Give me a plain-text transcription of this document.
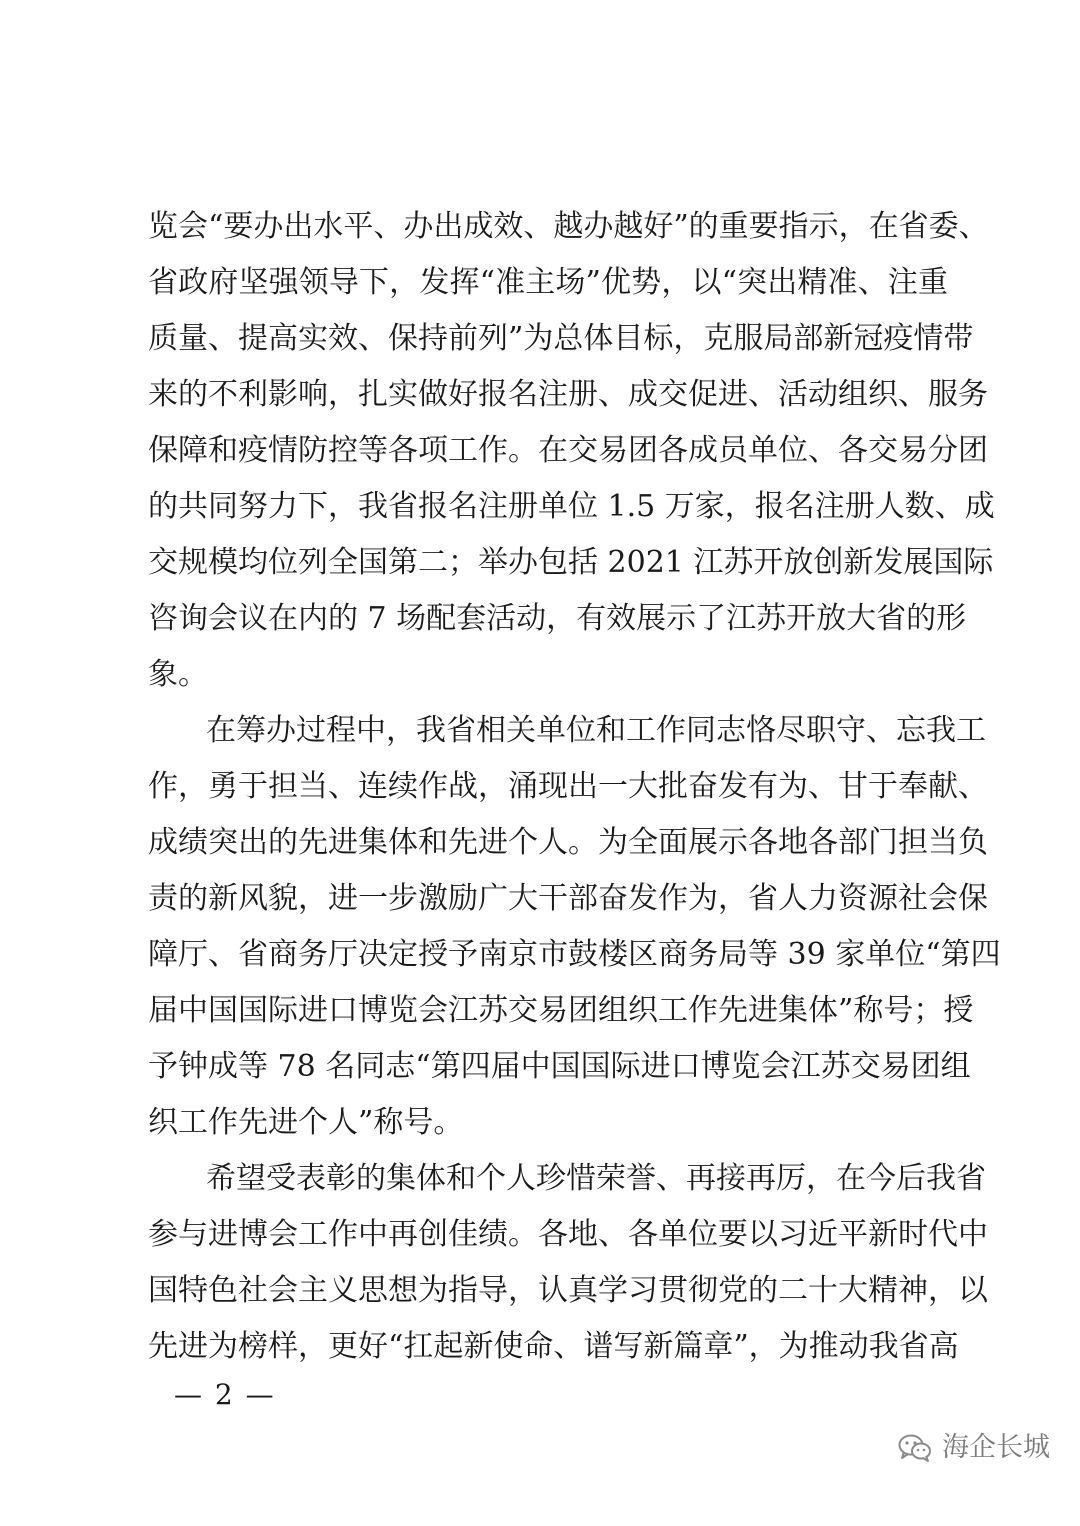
览会“要办出水平、办出成效、越办越好”的重要指示，在省委、
省政府坚强领导下，发挥“准主场”优势，以“突出精准、注重
质量、提高实效、保持前列”为总体目标，克服局部新冠疫情带
来的不利影响，扎实做好报名注册、成交促进、活动组织、服务
保障和疫情防控等各项工作。在交易团各成员单位、各交易分团
的共同努力下，我省报名注册单位 1.5 万家，报名注册人数、成
交规模均位列全国第二；举办包括 2021 江苏开放创新发展国际
咨询会议在内的 7 场配套活动，有效展示了江苏开放大省的形
象。
在筹办过程中，我省相关单位和工作同志恪尽职守、忘我工
作，勇于担当、连续作战，涌现出一大批奋发有为、甘于奉献、
成绩突出的先进集体和先进个人。为全面展示各地各部门担当负
责的新风貌，进一步激励广大干部奋发作为，省人力资源社会保
障厅、省商务厅决定授予南京市鼓楼区商务局等 39 家单位“第四
届中国国际进口博览会江苏交易团组织工作先进集体”称号；授
予钟成等 78 名同志“第四届中国国际进口博览会江苏交易团组
织工作先进个人”称号。
希望受表彰的集体和个人珍惜荣誉、再接再厉，在今后我省
参与进博会工作中再创佳绩。各地、各单位要以习近平新时代中
国特色社会主义思想为指导，认真学习贯彻党的二十大精神，以
先进为榜样，更好“扛起新使命、谱写新篇章”，为推动我省高
— 2 —
海企长城
